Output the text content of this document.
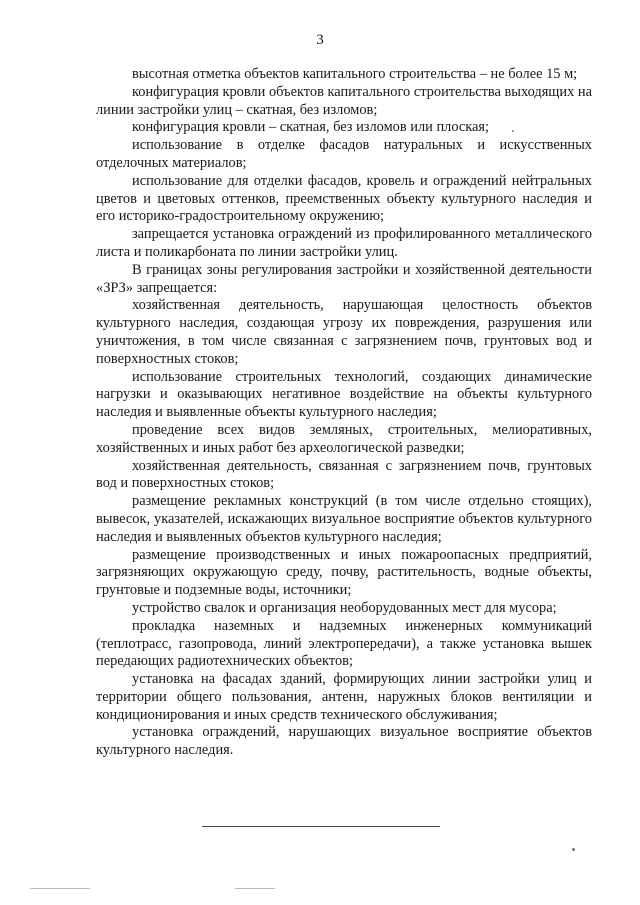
3

высотная отметка объектов капитального строительства – не более 15 м;

конфигурация кровли объектов капитального строительства выходящих на линии застройки улиц – скатная, без изломов;

конфигурация кровли – скатная, без изломов или плоская;

использование в отделке фасадов натуральных и искусственных отделочных материалов;

использование для отделки фасадов, кровель и ограждений нейтральных цветов и цветовых оттенков, преемственных объекту культурного наследия и его историко-градостроительному окружению;

запрещается установка ограждений из профилированного металлического листа и поликарбоната по линии застройки улиц.

В границах зоны регулирования застройки и хозяйственной деятельности «ЗРЗ» запрещается:

хозяйственная деятельность, нарушающая целостность объектов культурного наследия, создающая угрозу их повреждения, разрушения или уничтожения, в том числе связанная с загрязнением почв, грунтовых вод и поверхностных стоков;

использование строительных технологий, создающих динамические нагрузки и оказывающих негативное воздействие на объекты культурного наследия и выявленные объекты культурного наследия;

проведение всех видов земляных, строительных, мелиоративных, хозяйственных и иных работ без археологической разведки;

хозяйственная деятельность, связанная с загрязнением почв, грунтовых вод и поверхностных стоков;

размещение рекламных конструкций (в том числе отдельно стоящих), вывесок, указателей, искажающих визуальное восприятие объектов культурного наследия и выявленных объектов культурного наследия;

размещение производственных и иных пожароопасных предприятий, загрязняющих окружающую среду, почву, растительность, водные объекты, грунтовые и подземные воды, источники;

устройство свалок и организация необорудованных мест для мусора;

прокладка наземных и надземных инженерных коммуникаций (теплотрасс, газопровода, линий электропередачи), а также установка вышек передающих радиотехнических объектов;

установка на фасадах зданий, формирующих линии застройки улиц и территории общего пользования, антенн, наружных блоков вентиляции и кондиционирования и иных средств технического обслуживания;

установка ограждений, нарушающих визуальное восприятие объектов культурного наследия.
